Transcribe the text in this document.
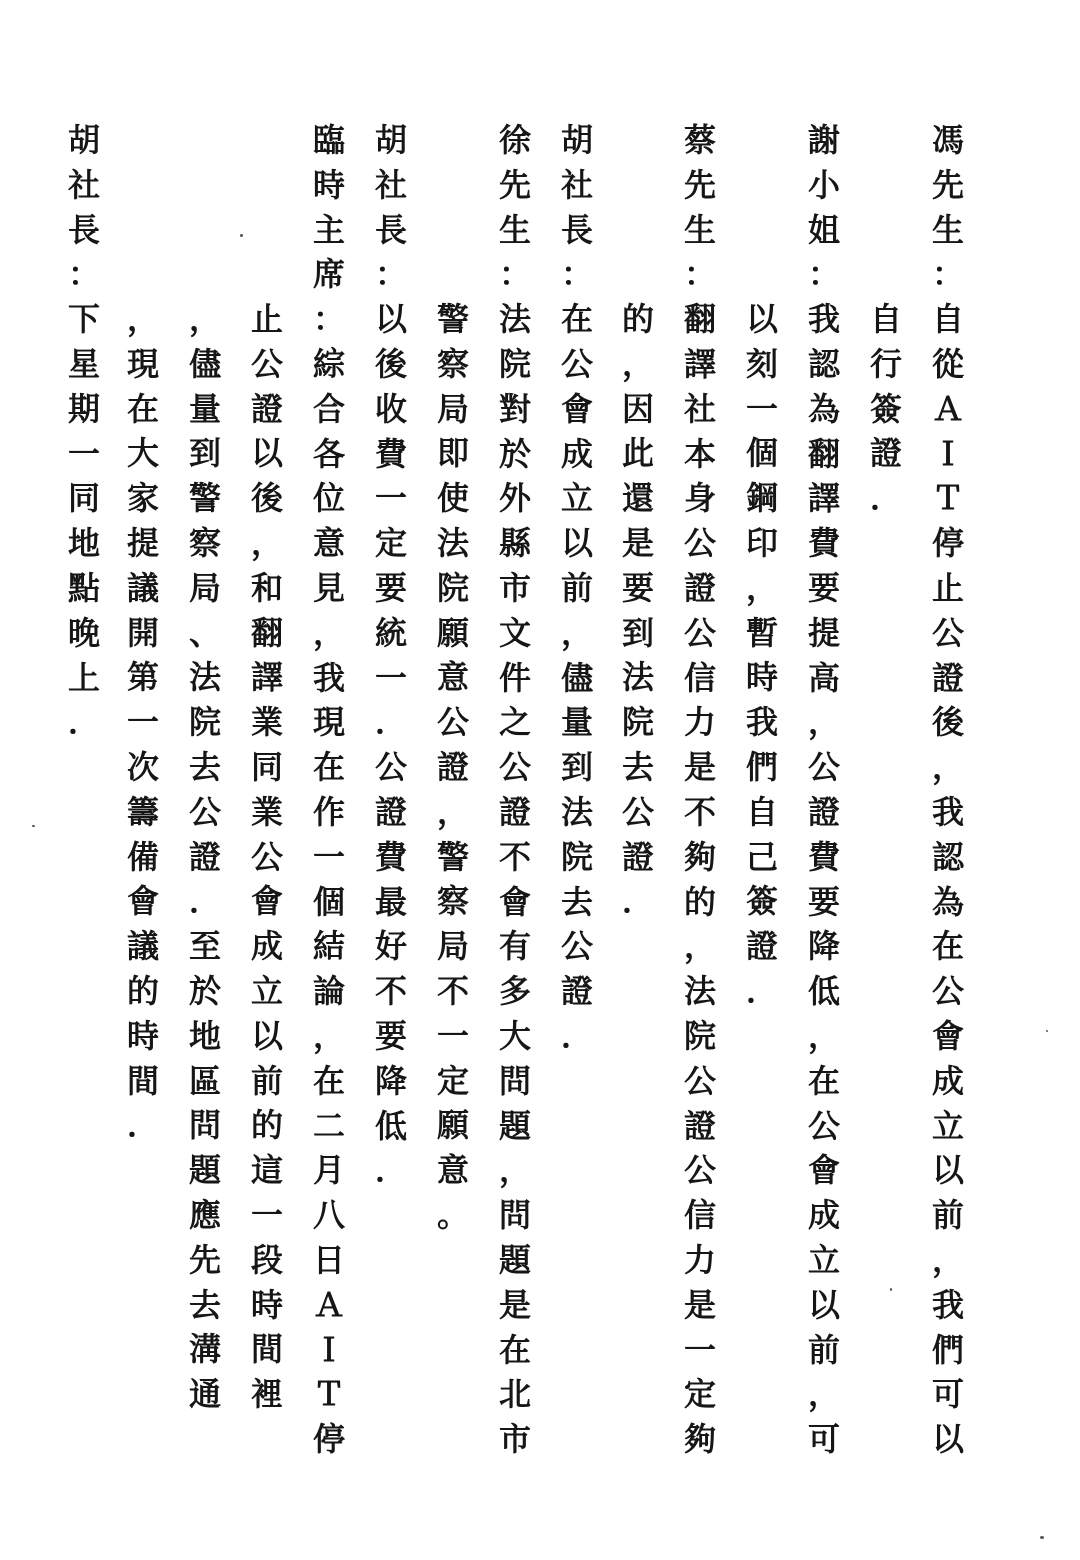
馮
先
生
：
自
從
Ａ
Ｉ
Ｔ
停
止
公
證
後
，
我
認
為
在
公
會
成
立
以
前
，
我
們
可
以
自
行
簽
證
．
謝
小
姐
：
我
認
為
翻
譯
費
要
提
高
，
公
證
費
要
降
低
，
在
公
會
成
立
以
前
，
可
以
刻
一
個
鋼
印
，
暫
時
我
們
自
己
簽
證
．
蔡
先
生
：
翻
譯
社
本
身
公
證
公
信
力
是
不
夠
的
，
法
院
公
證
公
信
力
是
一
定
夠
的
，
因
此
還
是
要
到
法
院
去
公
證
．
胡
社
長
：
在
公
會
成
立
以
前
，
儘
量
到
法
院
去
公
證
．
徐
先
生
：
法
院
對
於
外
縣
市
文
件
之
公
證
不
會
有
多
大
問
題
，
問
題
是
在
北
市
警
察
局
即
使
法
院
願
意
公
證
，
警
察
局
不
一
定
願
意
。
胡
社
長
：
以
後
收
費
一
定
要
統
一
．
公
證
費
最
好
不
要
降
低
．
臨
時
主
席
：
綜
合
各
位
意
見
，
我
現
在
作
一
個
結
論
，
在
二
月
八
日
Ａ
Ｉ
Ｔ
停
止
公
證
以
後
，
和
翻
譯
業
同
業
公
會
成
立
以
前
的
這
一
段
時
間
裡
，
儘
量
到
警
察
局
、
法
院
去
公
證
．
至
於
地
區
問
題
應
先
去
溝
通
，
現
在
大
家
提
議
開
第
一
次
籌
備
會
議
的
時
間
．
胡
社
長
：
下
星
期
一
同
地
點
晚
上
．
